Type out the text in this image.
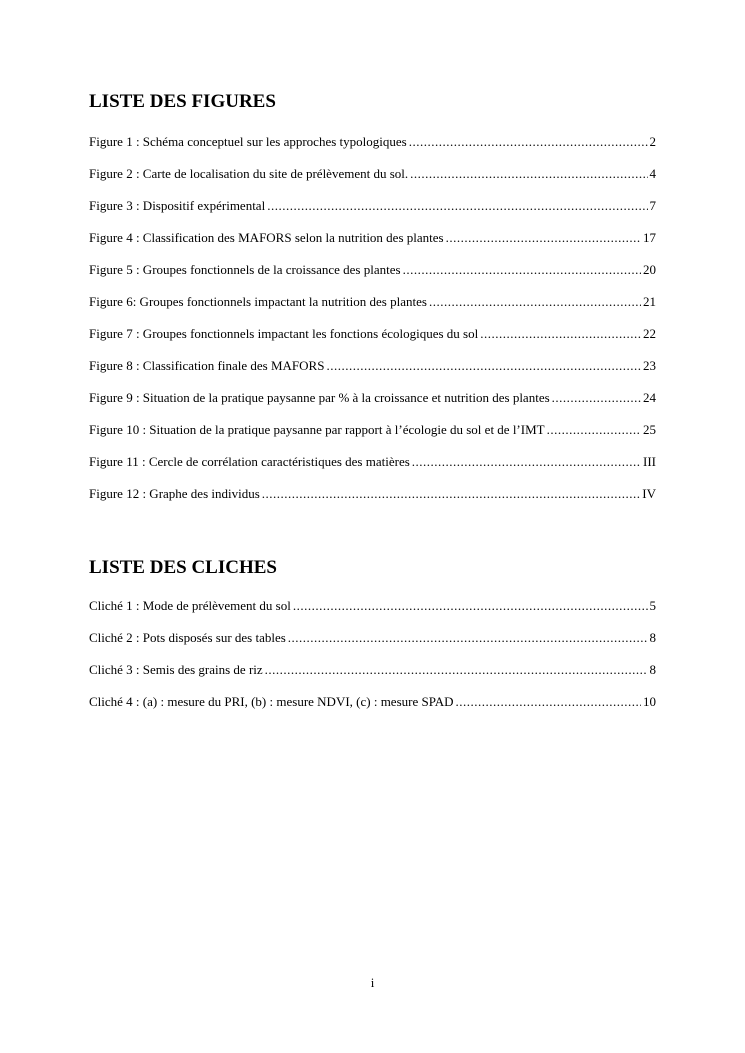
LISTE DES FIGURES
Figure 1 : Schéma conceptuel sur les approches typologiques .....	2
Figure 2 : Carte de localisation du site de prélèvement du sol. .....	4
Figure 3 : Dispositif expérimental .....	7
Figure 4 : Classification des MAFORS selon la nutrition des plantes .....	17
Figure 5 : Groupes fonctionnels de la croissance des plantes .....	20
Figure 6: Groupes fonctionnels impactant la nutrition des plantes .....	21
Figure 7 : Groupes fonctionnels impactant les fonctions écologiques du sol .....	22
Figure 8 : Classification finale des MAFORS .....	23
Figure 9 : Situation de la pratique paysanne par % à la croissance et nutrition des plantes .....	24
Figure 10 : Situation de la pratique paysanne par rapport à l’écologie du sol et de l’IMT .....	25
Figure 11 : Cercle de corrélation caractéristiques des matières .....	III
Figure 12 : Graphe des individus .....	IV
LISTE DES CLICHES
Cliché 1 : Mode de prélèvement du sol .....	5
Cliché 2 : Pots disposés sur des tables .....	8
Cliché 3 : Semis des grains de riz .....	8
Cliché 4 : (a) : mesure du PRI, (b) : mesure NDVI, (c) : mesure SPAD .....	10
i
